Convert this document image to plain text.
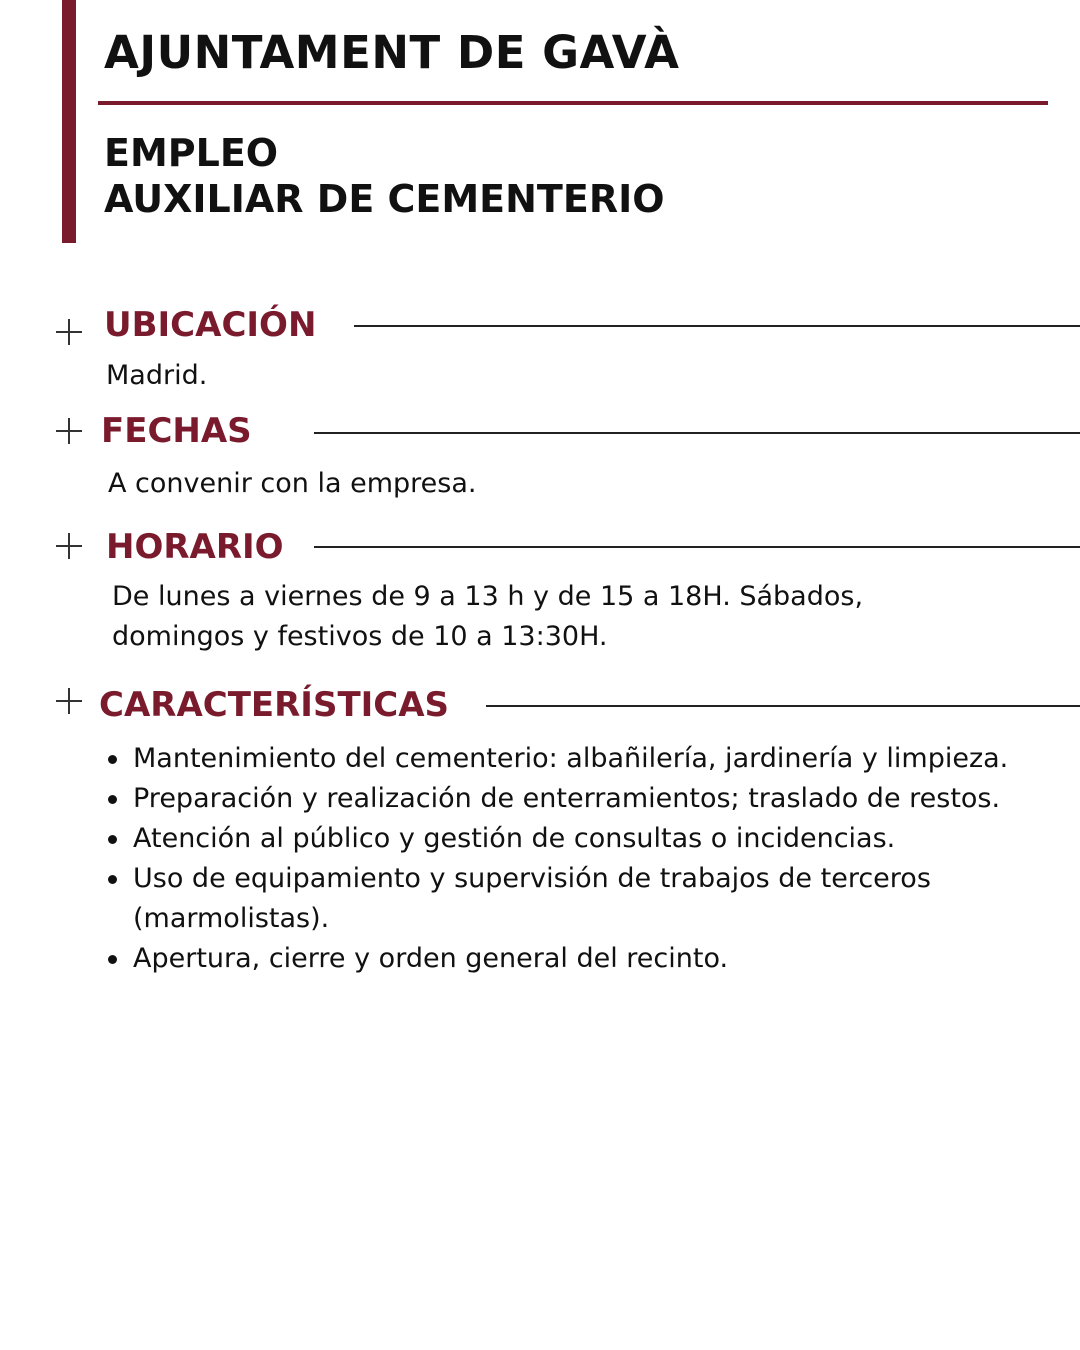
AJUNTAMENT DE GAVÀ
EMPLEO
AUXILIAR DE CEMENTERIO
UBICACIÓN
Madrid.
FECHAS
A convenir con la empresa.
HORARIO
De lunes a viernes de 9 a 13 h y de 15 a 18H. Sábados,
domingos y festivos de 10 a 13:30H.
CARACTERÍSTICAS
Mantenimiento del cementerio: albañilería, jardinería y limpieza.
Preparación y realización de enterramientos; traslado de restos.
Atención al público y gestión de consultas o incidencias.
Uso de equipamiento y supervisión de trabajos de terceros (marmolistas).
Apertura, cierre y orden general del recinto.
